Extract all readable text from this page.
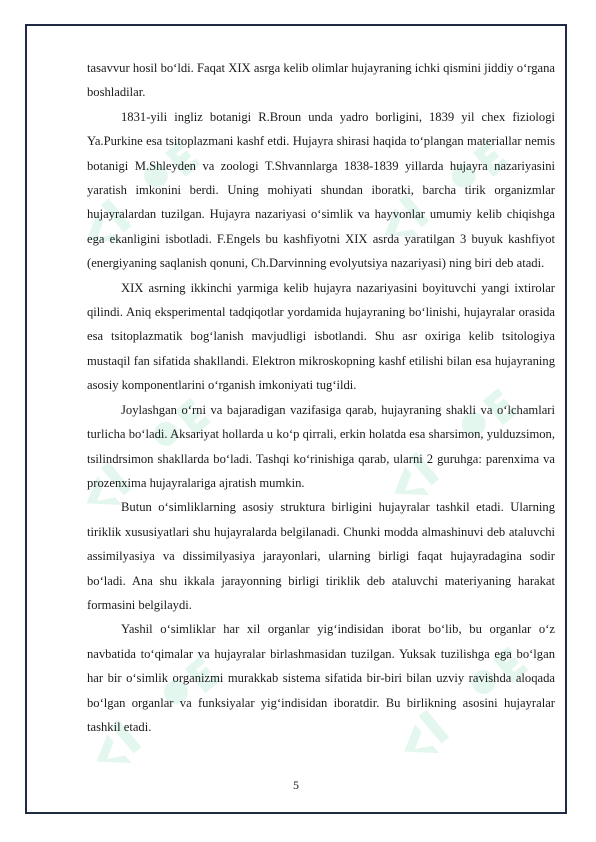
tasavvur hosil bo‘ldi. Faqat XIX asrga kelib olimlar hujayraning ichki qismini jiddiy o‘rgana boshladilar.

1831-yili ingliz botanigi R.Broun unda yadro borligini, 1839 yil chex fiziologi Ya.Purkine esa tsitoplazmani kashf etdi. Hujayra shirasi haqida to‘plangan materiallar nemis botanigi M.Shleyden va zoologi T.Shvannlarga 1838-1839 yillarda hujayra nazariyasini yaratish imkonini berdi. Uning mohiyati shundan iboratki, barcha tirik organizmlar hujayralardan tuzilgan. Hujayra nazariyasi o‘simlik va hayvonlar umumiy kelib chiqishga ega ekanligini isbotladi. F.Engels bu kashfiyotni XIX asrda yaratilgan 3 buyuk kashfiyot (energiyaning saqlanish qonuni, Ch.Darvinning evolyutsiya nazariyasi) ning biri deb atadi.

XIX asrning ikkinchi yarmiga kelib hujayra nazariyasini boyituvchi yangi ixtirolar qilindi. Aniq eksperimental tadqiqotlar yordamida hujayraning bo‘linishi, hujayralar orasida esa tsitoplazmatik bog‘lanish mavjudligi isbotlandi. Shu asr oxiriga kelib tsitologiya mustaqil fan sifatida shakllandi. Elektron mikroskopning kashf etilishi bilan esa hujayraning asosiy komponentlarini o‘rganish imkoniyati tug‘ildi.

Joylashgan o‘rni va bajaradigan vazifasiga qarab, hujayraning shakli va o‘lchamlari turlicha bo‘ladi. Aksariyat hollarda u ko‘p qirrali, erkin holatda esa sharsimon, yulduzsimon, tsilindrsimon shakllarda bo‘ladi. Tashqi ko‘rinishiga qarab, ularni 2 guruhga: parenxima va prozenxima hujayralariga ajratish mumkin.

Butun o‘simliklarning asosiy struktura birligini hujayralar tashkil etadi. Ularning tiriklik xususiyatlari shu hujayralarda belgilanadi. Chunki modda almashinuvi deb ataluvchi assimilyasiya va dissimilyasiya jarayonlari, ularning birligi faqat hujayradagina sodir bo‘ladi. Ana shu ikkala jarayonning birligi tiriklik deb ataluvchi materiyaning harakat formasini belgilaydi.

Yashil o‘simliklar har xil organlar yig‘indisidan iborat bo‘lib, bu organlar o‘z navbatida to‘qimalar va hujayralar birlashmasidan tuzilgan. Yuksak tuzilishga ega bo‘lgan har bir o‘simlik organizmi murakkab sistema sifatida bir-biri bilan uzviy ravishda aloqada bo‘lgan organlar va funksiyalar yig‘indisidan iboratdir. Bu birlikning asosini hujayralar tashkil etadi.

5
